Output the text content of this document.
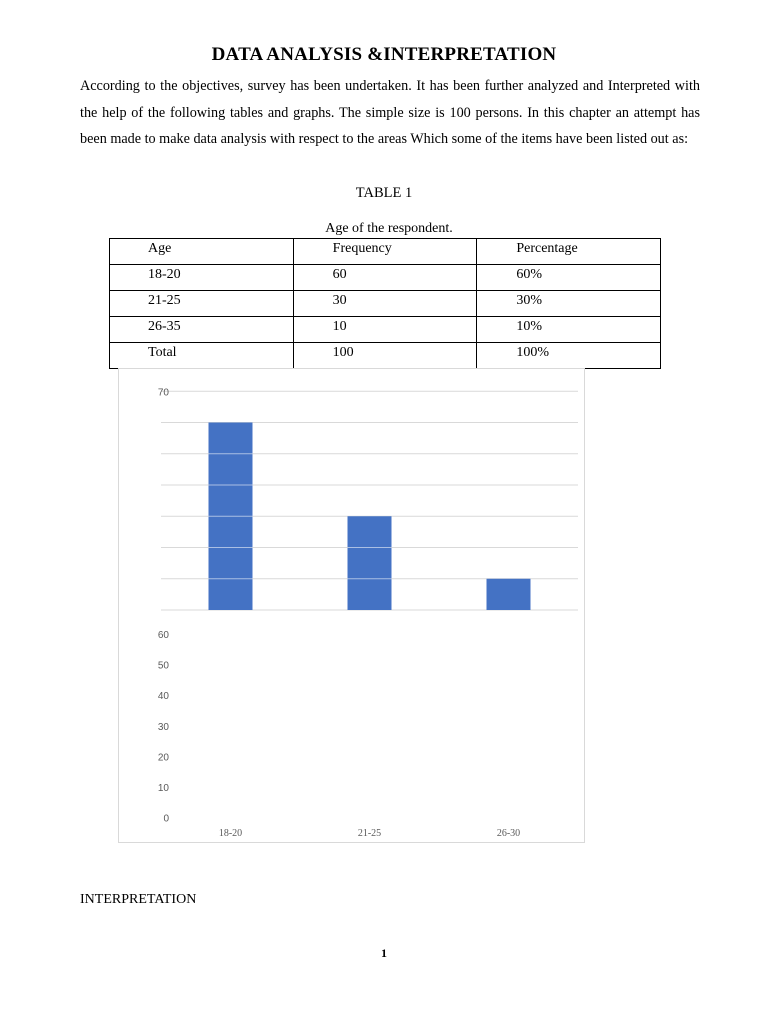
DATA ANALYSIS &INTERPRETATION

According to the objectives, survey has been undertaken. It has been further analyzed and Interpreted with the help of the following tables and graphs. The simple size is 100 persons. In this chapter an attempt has been made to make data analysis with respect to the areas Which some of the items have been listed out as:

TABLE 1
Age of the respondent.
Age	Frequency	Percentage
18-20	60	60%
21-25	30	30%
26-35	10	10%
Total	100	100%
70
60
50
40
30
20
10
0
18-20	21-25	26-30
INTERPRETATION
1
